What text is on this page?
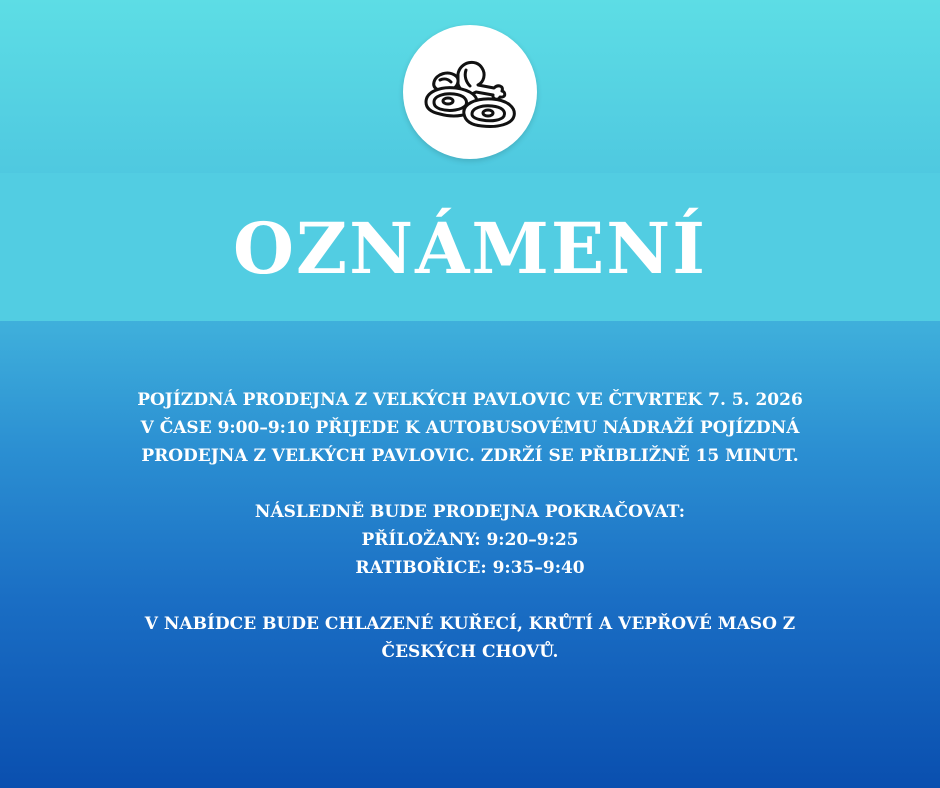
OZNÁMENÍ

POJÍZDNÁ PRODEJNA Z VELKÝCH PAVLOVIC VE ČTVRTEK 7. 5. 2026
V ČASE 9:00–9:10 PŘIJEDE K AUTOBUSOVÉMU NÁDRAŽÍ POJÍZDNÁ
PRODEJNA Z VELKÝCH PAVLOVIC. ZDRŽÍ SE PŘIBLIŽNĚ 15 MINUT.

NÁSLEDNĚ BUDE PRODEJNA POKRAČOVAT:
PŘÍLOŽANY: 9:20–9:25
RATIBOŘICE: 9:35–9:40

V NABÍDCE BUDE CHLAZENÉ KUŘECÍ, KRŮTÍ A VEPŘOVÉ MASO Z
ČESKÝCH CHOVŮ.
